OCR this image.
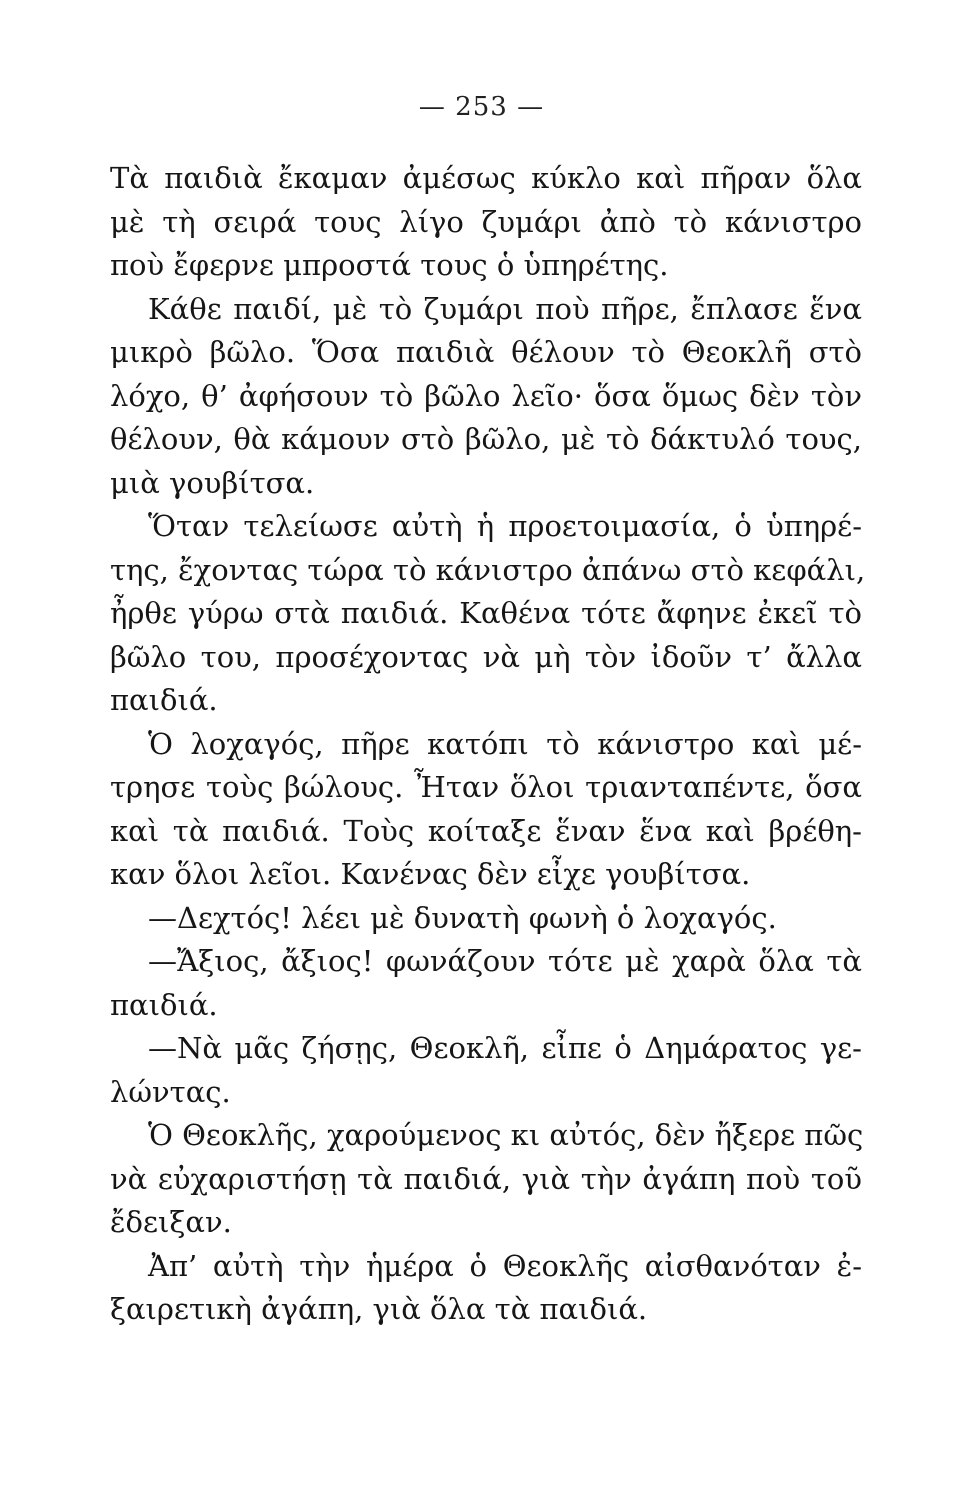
— 253 —
Τὰ παιδιὰ ἔκαμαν ἀμέσως κύκλο καὶ πῆραν ὅλα
μὲ τὴ σειρά τους λίγο ζυμάρι ἀπὸ τὸ κάνιστρο
ποὺ ἔφερνε μπροστά τους ὁ ὑπηρέτης.
Κάθε παιδί, μὲ τὸ ζυμάρι ποὺ πῆρε, ἔπλασε ἕνα
μικρὸ βῶλο. Ὅσα παιδιὰ θέλουν τὸ Θεοκλῆ στὸ
λόχο, θ’ ἀφήσουν τὸ βῶλο λεῖο· ὅσα ὅμως δὲν τὸν
θέλουν, θὰ κάμουν στὸ βῶλο, μὲ τὸ δάκτυλό τους,
μιὰ γουβίτσα.
Ὅταν τελείωσε αὐτὴ ἡ προετοιμασία, ὁ ὑπηρέ-
της, ἔχοντας τώρα τὸ κάνιστρο ἀπάνω στὸ κεφάλι,
ἦρθε γύρω στὰ παιδιά. Καθένα τότε ἄφηνε ἐκεῖ τὸ
βῶλο του, προσέχοντας νὰ μὴ τὸν ἰδοῦν τ’ ἄλλα
παιδιά.
Ὁ λοχαγός, πῆρε κατόπι τὸ κάνιστρο καὶ μέ-
τρησε τοὺς βώλους. Ἦταν ὅλοι τριανταπέντε, ὅσα
καὶ τὰ παιδιά. Τοὺς κοίταξε ἕναν ἕνα καὶ βρέθη-
καν ὅλοι λεῖοι. Κανένας δὲν εἶχε γουβίτσα.
—Δεχτός! λέει μὲ δυνατὴ φωνὴ ὁ λοχαγός.
—Ἄξιος, ἄξιος! φωνάζουν τότε μὲ χαρὰ ὅλα τὰ
παιδιά.
—Νὰ μᾶς ζήσῃς, Θεοκλῆ, εἶπε ὁ Δημάρατος γε-
λώντας.
Ὁ Θεοκλῆς, χαρούμενος κι αὐτός, δὲν ἤξερε πῶς
νὰ εὐχαριστήσῃ τὰ παιδιά, γιὰ τὴν ἀγάπη ποὺ τοῦ
ἔδειξαν.
Ἀπ’ αὐτὴ τὴν ἡμέρα ὁ Θεοκλῆς αἰσθανόταν ἐ-
ξαιρετικὴ ἀγάπη, γιὰ ὅλα τὰ παιδιά.
